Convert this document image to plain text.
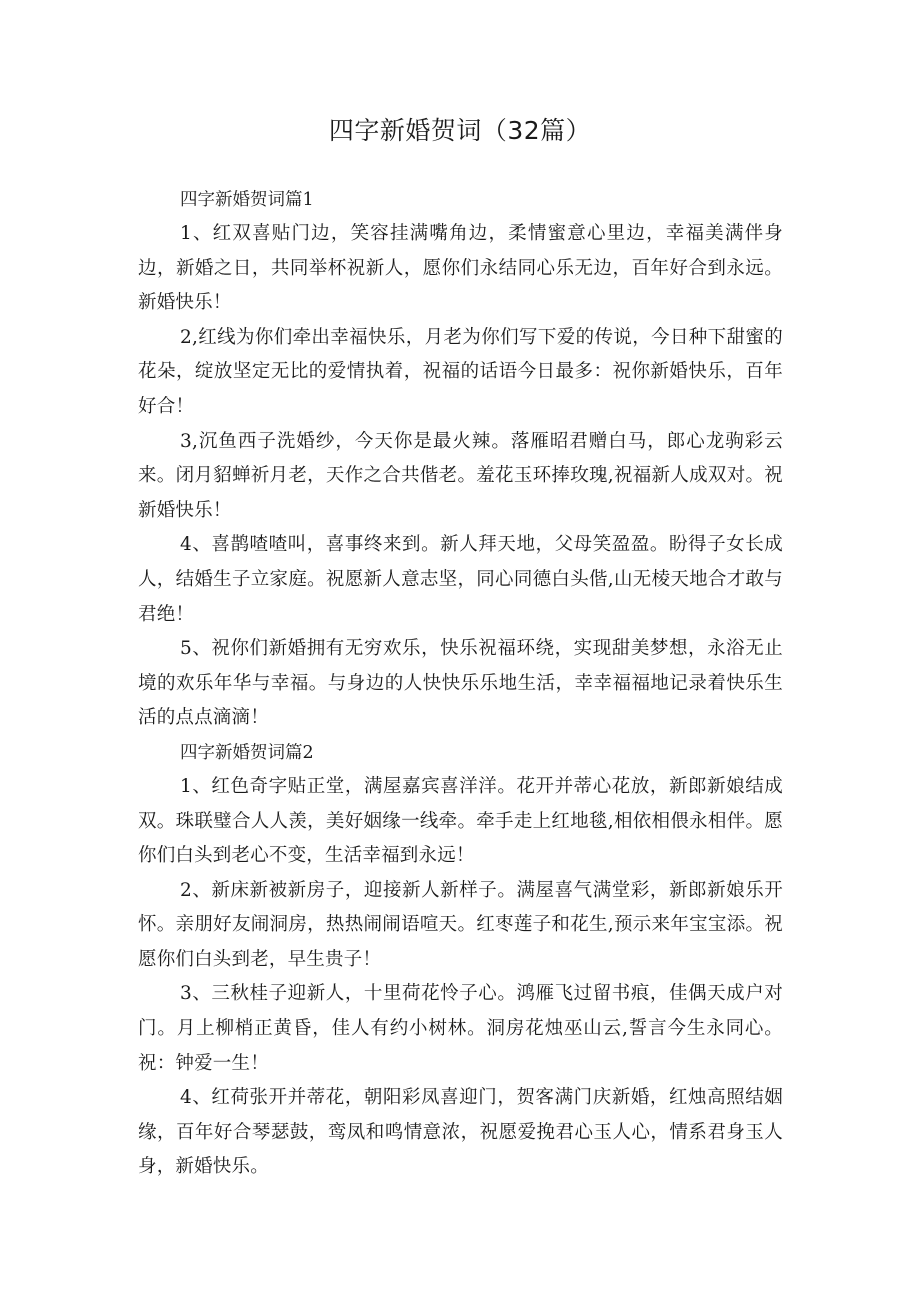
四字新婚贺词（32篇）

四字新婚贺词篇1

1、红双喜贴门边，笑容挂满嘴角边，柔情蜜意心里边，幸福美满伴身边，新婚之日，共同举杯祝新人，愿你们永结同心乐无边，百年好合到永远。新婚快乐！

2,红线为你们牵出幸福快乐，月老为你们写下爱的传说，今日种下甜蜜的花朵，绽放坚定无比的爱情执着，祝福的话语今日最多：祝你新婚快乐，百年好合！

3,沉鱼西子洗婚纱，今天你是最火辣。落雁昭君赠白马，郎心龙驹彩云来。闭月貂蝉祈月老，天作之合共偕老。羞花玉环捧玫瑰,祝福新人成双对。祝新婚快乐！

4、喜鹊喳喳叫，喜事终来到。新人拜天地，父母笑盈盈。盼得子女长成人，结婚生子立家庭。祝愿新人意志坚，同心同德白头偕,山无棱天地合才敢与君绝！

5、祝你们新婚拥有无穷欢乐，快乐祝福环绕，实现甜美梦想，永浴无止境的欢乐年华与幸福。与身边的人快快乐乐地生活，幸幸福福地记录着快乐生活的点点滴滴！

四字新婚贺词篇2

1、红色奇字贴正堂，满屋嘉宾喜洋洋。花开并蒂心花放，新郎新娘结成双。珠联璧合人人羡，美好姻缘一线牵。牵手走上红地毯,相依相偎永相伴。愿你们白头到老心不变，生活幸福到永远！

2、新床新被新房子，迎接新人新样子。满屋喜气满堂彩，新郎新娘乐开怀。亲朋好友闹洞房，热热闹闹语喧天。红枣莲子和花生,预示来年宝宝添。祝愿你们白头到老，早生贵子！

3、三秋桂子迎新人，十里荷花怜子心。鸿雁飞过留书痕，佳偶天成户对门。月上柳梢正黄昏，佳人有约小树林。洞房花烛巫山云,誓言今生永同心。祝：钟爱一生！

4、红荷张开并蒂花，朝阳彩凤喜迎门，贺客满门庆新婚，红烛高照结姻缘，百年好合琴瑟鼓，鸾凤和鸣情意浓，祝愿爱挽君心玉人心，情系君身玉人身，新婚快乐。
